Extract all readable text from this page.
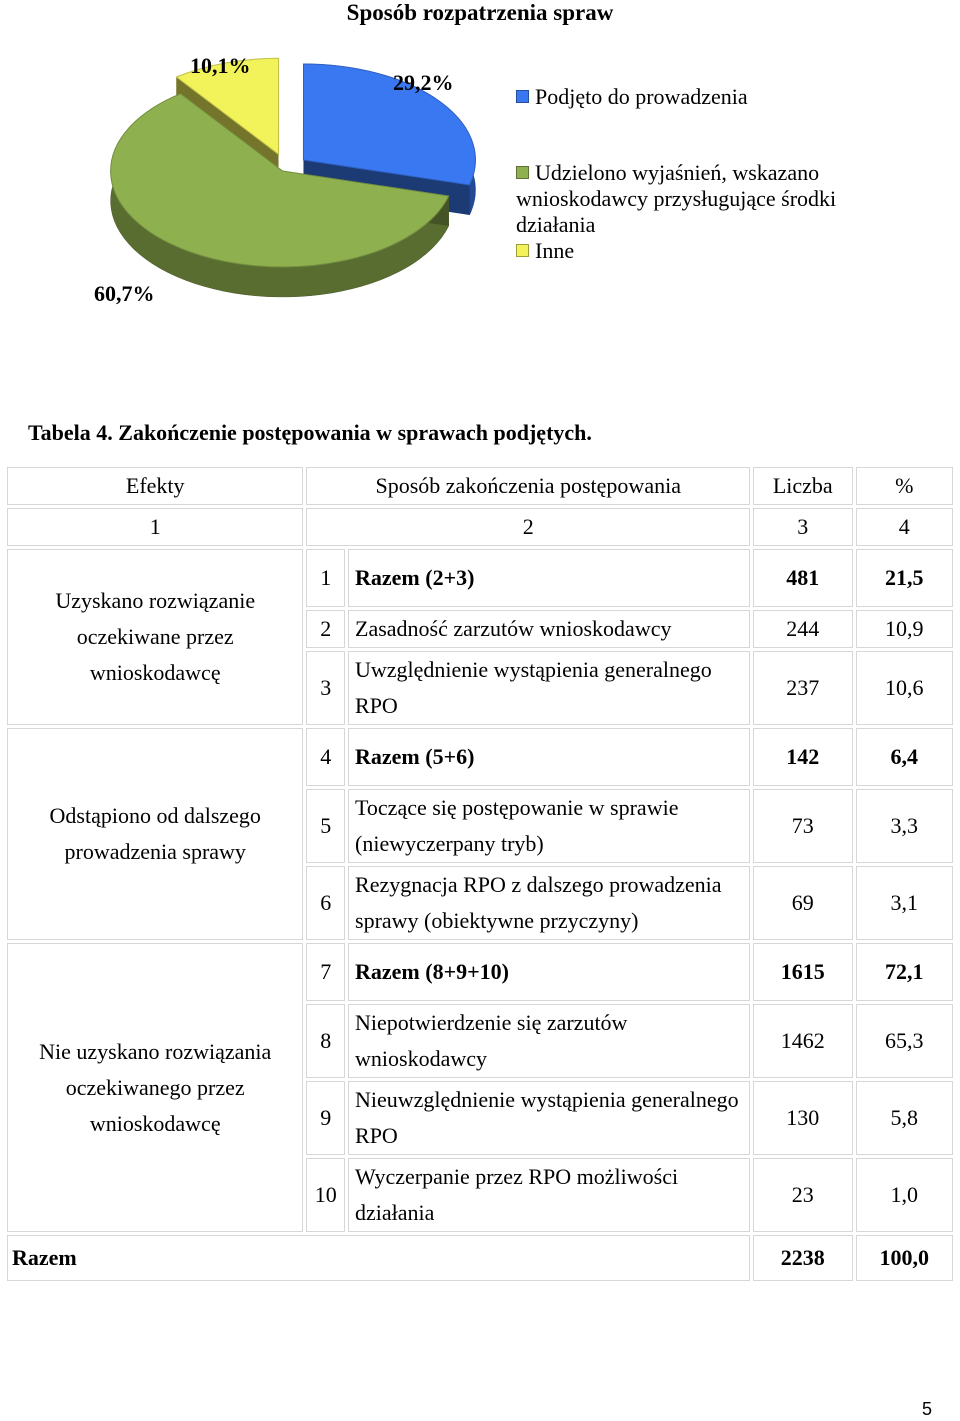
Sposób rozpatrzenia spraw
10,1%
29,2%
60,7%
Podjęto do prowadzenia
Udzielono wyjaśnień, wskazano
wnioskodawcy przysługujące środki
działania
Inne
Tabela 4. Zakończenie postępowania w sprawach podjętych.
Efekty	Sposób zakończenia postępowania		Liczba	%
1	2		3	4
Uzyskano rozwiązanie oczekiwane przez wnioskodawcę	1	Razem (2+3)	481	21,5
	2	Zasadność zarzutów wnioskodawcy	244	10,9
	3	Uwzględnienie wystąpienia generalnego RPO	237	10,6
Odstąpiono od dalszego prowadzenia sprawy	4	Razem (5+6)	142	6,4
	5	Toczące się postępowanie w sprawie (niewyczerpany tryb)	73	3,3
	6	Rezygnacja RPO z dalszego prowadzenia sprawy (obiektywne przyczyny)	69	3,1
Nie uzyskano rozwiązania oczekiwanego przez wnioskodawcę	7	Razem (8+9+10)	1615	72,1
	8	Niepotwierdzenie się zarzutów wnioskodawcy	1462	65,3
	9	Nieuwzględnienie wystąpienia generalnego RPO	130	5,8
	10	Wyczerpanie przez RPO możliwości działania	23	1,0
Razem			2238	100,0
5
